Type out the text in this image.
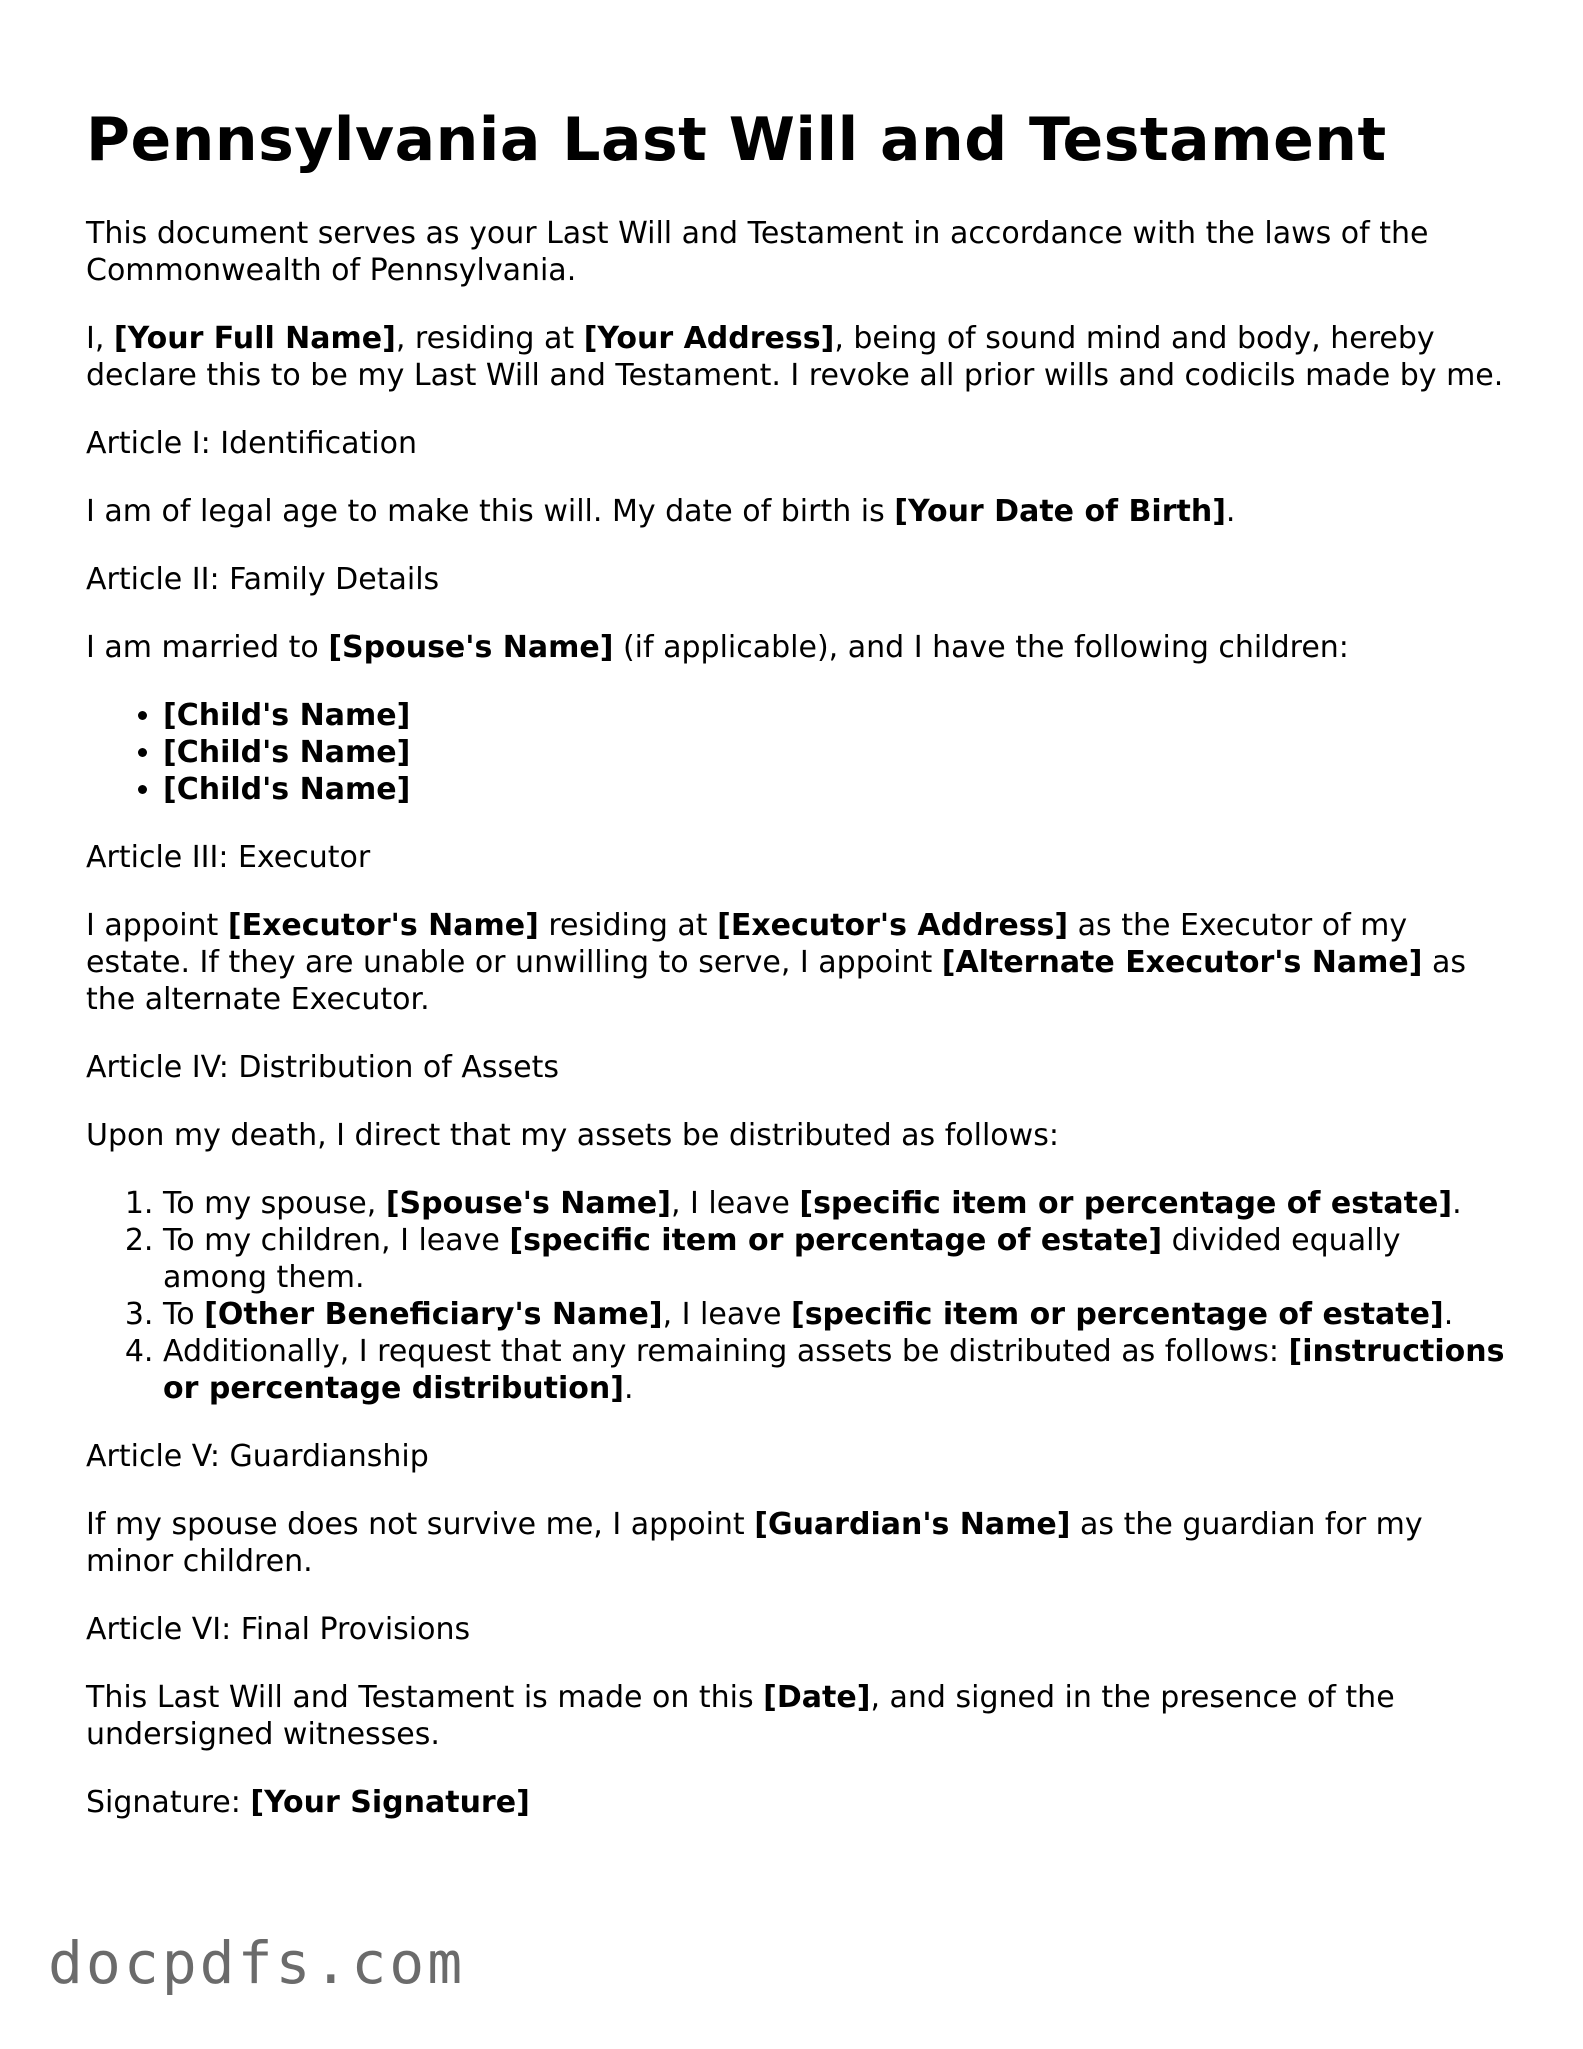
Pennsylvania Last Will and Testament

This document serves as your Last Will and Testament in accordance with the laws of the Commonwealth of Pennsylvania.

I, [Your Full Name], residing at [Your Address], being of sound mind and body, hereby declare this to be my Last Will and Testament. I revoke all prior wills and codicils made by me.

Article I: Identification

I am of legal age to make this will. My date of birth is [Your Date of Birth].

Article II: Family Details

I am married to [Spouse's Name] (if applicable), and I have the following children:

• [Child's Name]
• [Child's Name]
• [Child's Name]

Article III: Executor

I appoint [Executor's Name] residing at [Executor's Address] as the Executor of my estate. If they are unable or unwilling to serve, I appoint [Alternate Executor's Name] as the alternate Executor.

Article IV: Distribution of Assets

Upon my death, I direct that my assets be distributed as follows:

1. To my spouse, [Spouse's Name], I leave [specific item or percentage of estate].
2. To my children, I leave [specific item or percentage of estate] divided equally among them.
3. To [Other Beneficiary's Name], I leave [specific item or percentage of estate].
4. Additionally, I request that any remaining assets be distributed as follows: [instructions or percentage distribution].

Article V: Guardianship

If my spouse does not survive me, I appoint [Guardian's Name] as the guardian for my minor children.

Article VI: Final Provisions

This Last Will and Testament is made on this [Date], and signed in the presence of the undersigned witnesses.

Signature: [Your Signature]

docpdfs.com
